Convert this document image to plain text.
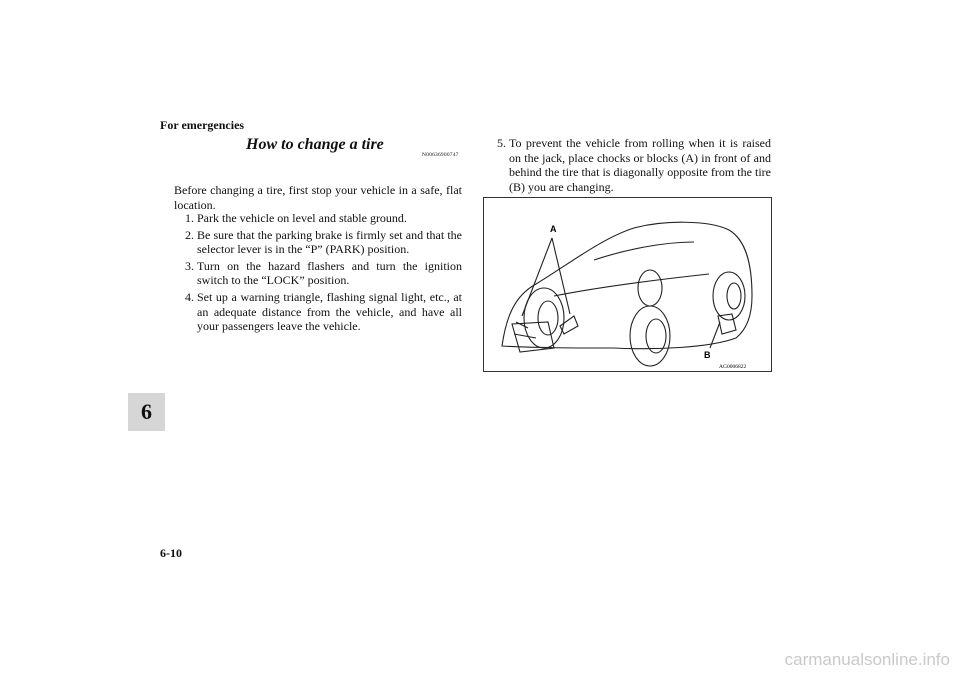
For emergencies
6
How to change a tire
N00636900747
Before changing a tire, first stop your vehicle in a safe, flat location.
1. Park the vehicle on level and stable ground.
2. Be sure that the parking brake is firmly set and that the selector lever is in the “P” (PARK) position.
3. Turn on the hazard flashers and turn the ignition switch to the “LOCK” position.
4. Set up a warning triangle, flashing signal light, etc., at an adequate distance from the vehicle, and have all your passengers leave the vehicle.
5. To prevent the vehicle from rolling when it is raised on the jack, place chocks or blocks (A) in front of and behind the tire that is diagonally opposite from the tire (B) you are changing.
A
B
AG0006822
6-10
carmanualsonline.info
